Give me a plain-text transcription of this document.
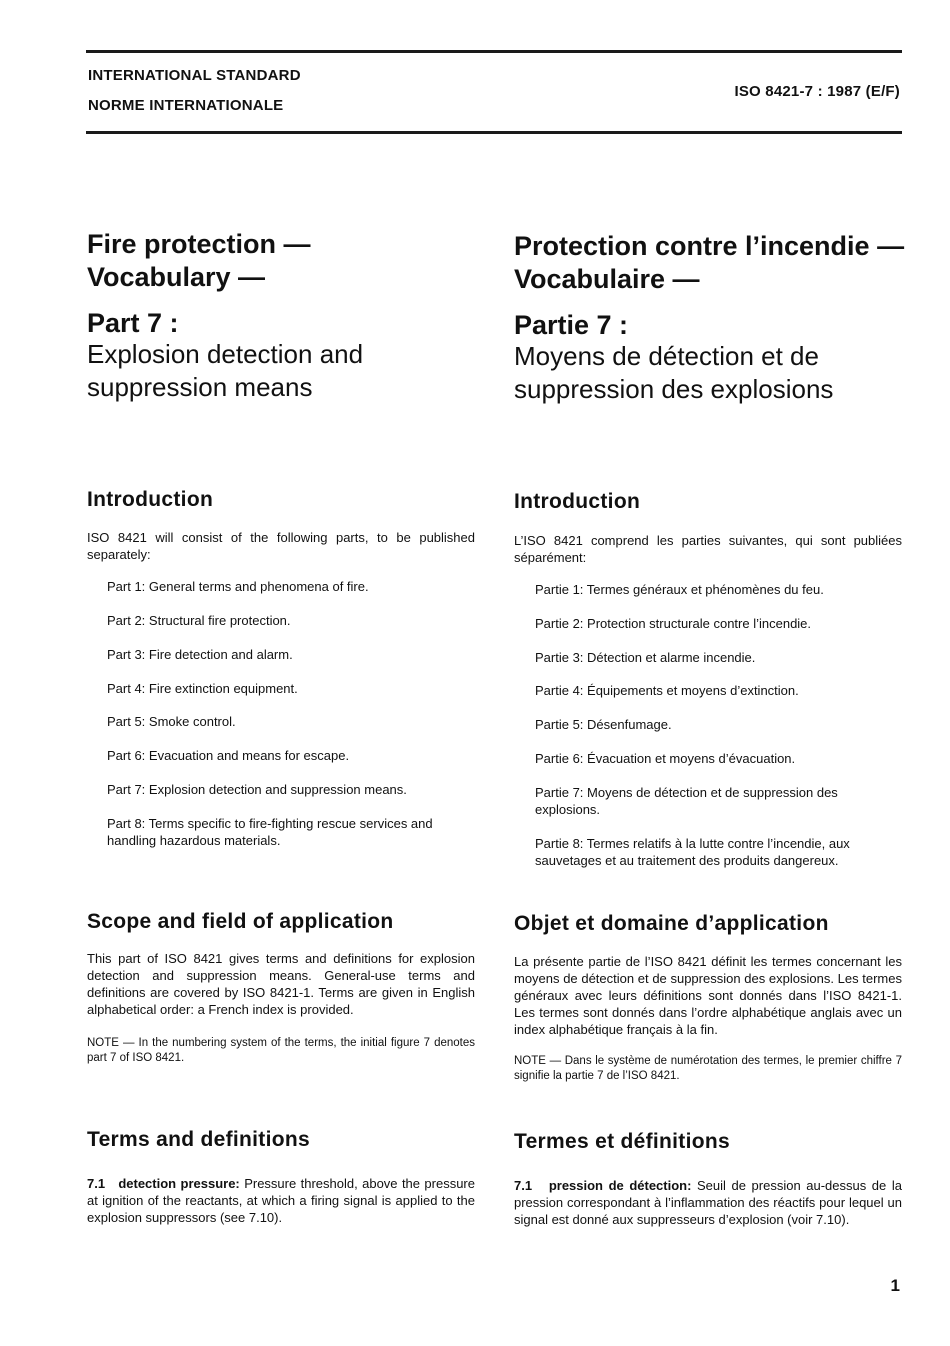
INTERNATIONAL STANDARD
NORME INTERNATIONALE
ISO 8421-7 : 1987 (E/F)
Fire protection —
Vocabulary —
Part 7 :
Explosion detection and
suppression means
Introduction
ISO 8421 will consist of the following parts, to be published separately:
Part 1: General terms and phenomena of fire.
Part 2: Structural fire protection.
Part 3: Fire detection and alarm.
Part 4: Fire extinction equipment.
Part 5: Smoke control.
Part 6: Evacuation and means for escape.
Part 7: Explosion detection and suppression means.
Part 8: Terms specific to fire-fighting rescue services and handling hazardous materials.
Scope and field of application
This part of ISO 8421 gives terms and definitions for explosion detection and suppression means. General-use terms and definitions are covered by ISO 8421-1. Terms are given in English alphabetical order: a French index is provided.
NOTE — In the numbering system of the terms, the initial figure 7 denotes part 7 of ISO 8421.
Terms and definitions
7.1 detection pressure: Pressure threshold, above the pressure at ignition of the reactants, at which a firing signal is applied to the explosion suppressors (see 7.10).
Protection contre l’incendie —
Vocabulaire —
Partie 7 :
Moyens de détection et de
suppression des explosions
Introduction
L’ISO 8421 comprend les parties suivantes, qui sont publiées séparément:
Partie 1: Termes généraux et phénomènes du feu.
Partie 2: Protection structurale contre l’incendie.
Partie 3: Détection et alarme incendie.
Partie 4: Équipements et moyens d’extinction.
Partie 5: Désenfumage.
Partie 6: Évacuation et moyens d’évacuation.
Partie 7: Moyens de détection et de suppression des explosions.
Partie 8: Termes relatifs à la lutte contre l’incendie, aux sauvetages et au traitement des produits dangereux.
Objet et domaine d’application
La présente partie de l’ISO 8421 définit les termes concernant les moyens de détection et de suppression des explosions. Les termes généraux avec leurs définitions sont donnés dans l’ISO 8421-1. Les termes sont donnés dans l’ordre alphabétique anglais avec un index alphabétique français à la fin.
NOTE — Dans le système de numérotation des termes, le premier chiffre 7 signifie la partie 7 de l’ISO 8421.
Termes et définitions
7.1 pression de détection: Seuil de pression au-dessus de la pression correspondant à l’inflammation des réactifs pour lequel un signal est donné aux suppresseurs d’explosion (voir 7.10).
1
